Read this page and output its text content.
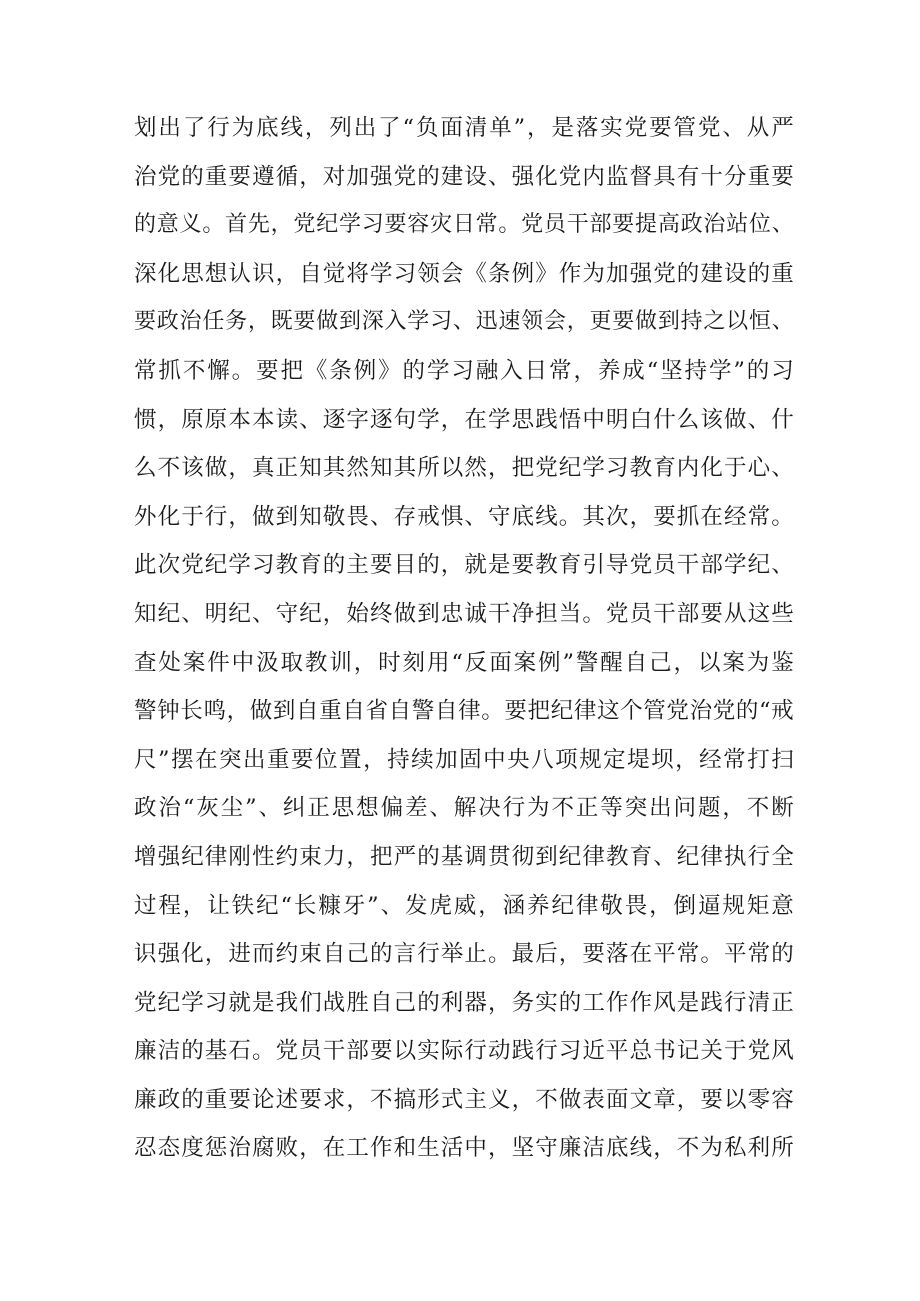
划出了行为底线，列出了“负面清单”，是落实党要管党、从严
治党的重要遵循，对加强党的建设、强化党内监督具有十分重要
的意义。首先，党纪学习要容灾日常。党员干部要提高政治站位、
深化思想认识，自觉将学习领会《条例》作为加强党的建设的重
要政治任务，既要做到深入学习、迅速领会，更要做到持之以恒、
常抓不懈。要把《条例》的学习融入日常，养成“坚持学”的习
惯，原原本本读、逐字逐句学，在学思践悟中明白什么该做、什
么不该做，真正知其然知其所以然，把党纪学习教育内化于心、
外化于行，做到知敬畏、存戒惧、守底线。其次，要抓在经常。
此次党纪学习教育的主要目的，就是要教育引导党员干部学纪、
知纪、明纪、守纪，始终做到忠诚干净担当。党员干部要从这些
查处案件中汲取教训，时刻用“反面案例”警醒自己，以案为鉴
警钟长鸣，做到自重自省自警自律。要把纪律这个管党治党的“戒
尺”摆在突出重要位置，持续加固中央八项规定堤坝，经常打扫
政治“灰尘”、纠正思想偏差、解决行为不正等突出问题，不断
增强纪律刚性约束力，把严的基调贯彻到纪律教育、纪律执行全
过程，让铁纪“长糠牙”、发虎威，涵养纪律敬畏，倒逼规矩意
识强化，进而约束自己的言行举止。最后，要落在平常。平常的
党纪学习就是我们战胜自己的利器，务实的工作作风是践行清正
廉洁的基石。党员干部要以实际行动践行习近平总书记关于党风
廉政的重要论述要求，不搞形式主义，不做表面文章，要以零容
忍态度惩治腐败，在工作和生活中，坚守廉洁底线，不为私利所
